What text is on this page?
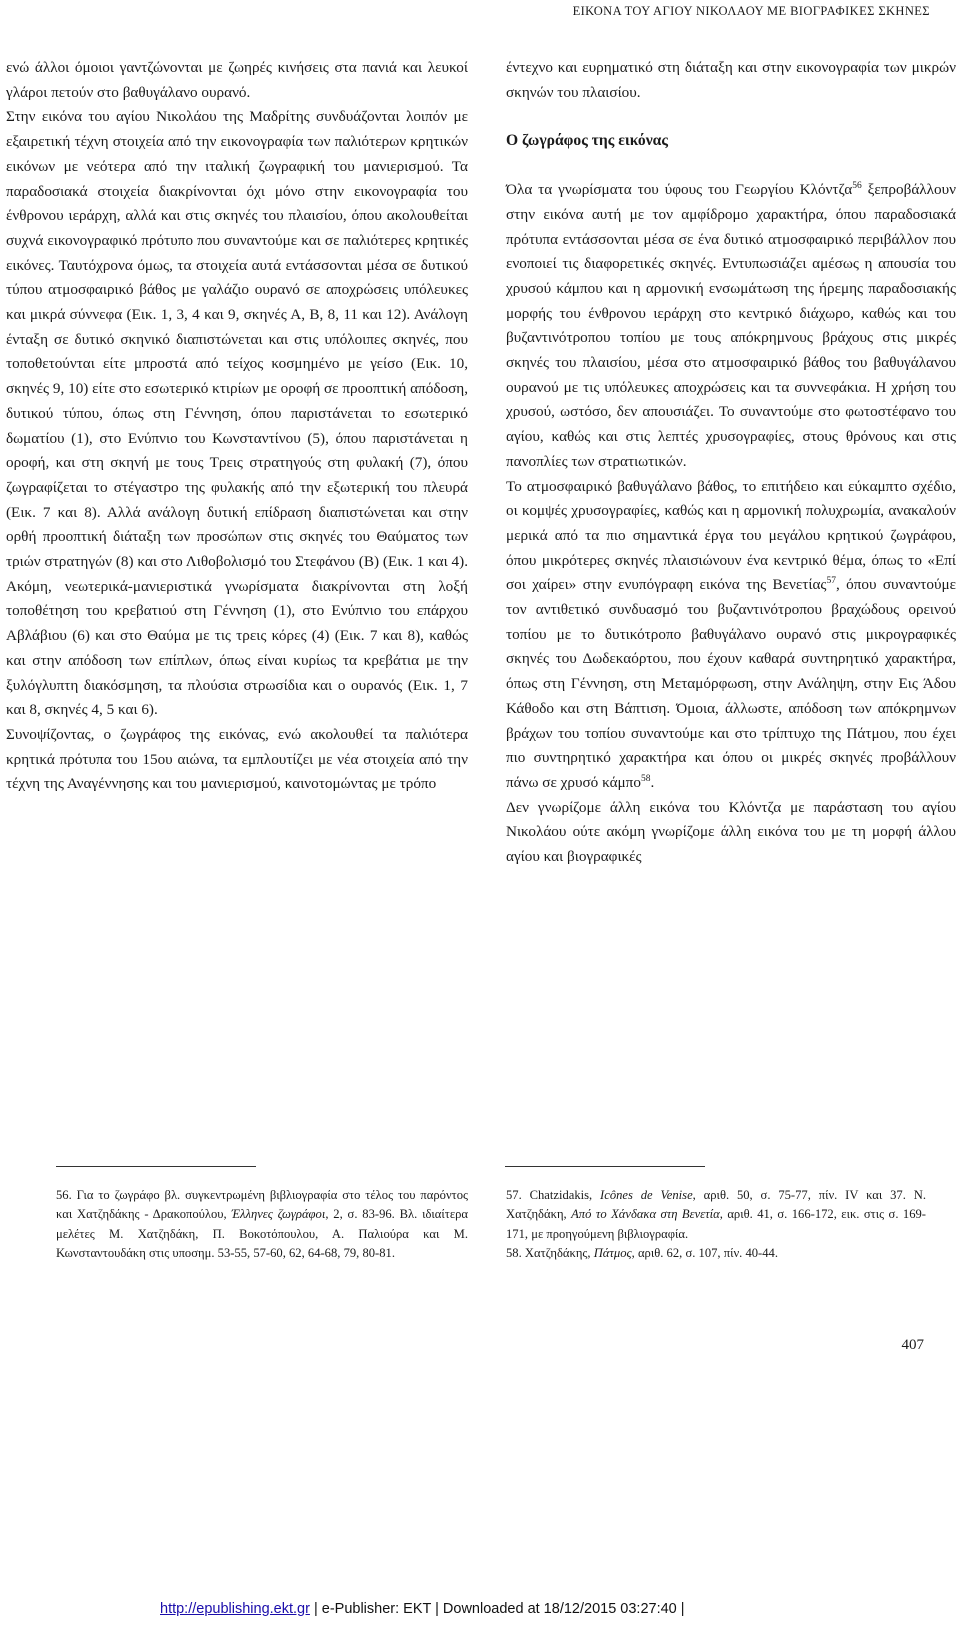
ΕΙΚΟΝΑ ΤΟΥ ΑΓΙΟΥ ΝΙΚΟΛΑΟΥ ΜΕ ΒΙΟΓΡΑΦΙΚΕΣ ΣΚΗΝΕΣ

ενώ άλλοι όμοιοι γαντζώνονται με ζωηρές κινήσεις στα πανιά και λευκοί γλάροι πετούν στο βαθυγάλανο ουρανό.

Στην εικόνα του αγίου Νικολάου της Μαδρίτης συνδυάζονται λοιπόν με εξαιρετική τέχνη στοιχεία από την εικονογραφία των παλιότερων κρητικών εικόνων με νεότερα από την ιταλική ζωγραφική του μανιερισμού. Τα παραδοσιακά στοιχεία διακρίνονται όχι μόνο στην εικονογραφία του ένθρονου ιεράρχη, αλλά και στις σκηνές του πλαισίου, όπου ακολουθείται συχνά εικονογραφικό πρότυπο που συναντούμε και σε παλιότερες κρητικές εικόνες. Ταυτόχρονα όμως, τα στοιχεία αυτά εντάσσονται μέσα σε δυτικού τύπου ατμοσφαιρικό βάθος με γαλάζιο ουρανό σε αποχρώσεις υπόλευκες και μικρά σύννεφα (Εικ. 1, 3, 4 και 9, σκηνές Α, Β, 8, 11 και 12). Ανάλογη ένταξη σε δυτικό σκηνικό διαπιστώνεται και στις υπόλοιπες σκηνές, που τοποθετούνται είτε μπροστά από τείχος κοσμημένο με γείσο (Εικ. 10, σκηνές 9, 10) είτε στο εσωτερικό κτιρίων με οροφή σε προοπτική απόδοση, δυτικού τύπου, όπως στη Γέννηση, όπου παριστάνεται το εσωτερικό δωματίου (1), στο Ενύπνιο του Κωνσταντίνου (5), όπου παριστάνεται η οροφή, και στη σκηνή με τους Τρεις στρατηγούς στη φυλακή (7), όπου ζωγραφίζεται το στέγαστρο της φυλακής από την εξωτερική του πλευρά (Εικ. 7 και 8). Αλλά ανάλογη δυτική επίδραση διαπιστώνεται και στην ορθή προοπτική διάταξη των προσώπων στις σκηνές του Θαύματος των τριών στρατηγών (8) και στο Λιθοβολισμό του Στεφάνου (Β) (Εικ. 1 και 4). Ακόμη, νεωτερικά-μανιεριστικά γνωρίσματα διακρίνονται στη λοξή τοποθέτηση του κρεβατιού στη Γέννηση (1), στο Ενύπνιο του επάρχου Αβλάβιου (6) και στο Θαύμα με τις τρεις κόρες (4) (Εικ. 7 και 8), καθώς και στην απόδοση των επίπλων, όπως είναι κυρίως τα κρεβάτια με την ξυλόγλυπτη διακόσμηση, τα πλούσια στρωσίδια και ο ουρανός (Εικ. 1, 7 και 8, σκηνές 4, 5 και 6).

Συνοψίζοντας, ο ζωγράφος της εικόνας, ενώ ακολουθεί τα παλιότερα κρητικά πρότυπα του 15ου αιώνα, τα εμπλουτίζει με νέα στοιχεία από την τέχνη της Αναγέννησης και του μανιερισμού, καινοτομώντας με τρόπο

έντεχνο και ευρηματικό στη διάταξη και στην εικονογραφία των μικρών σκηνών του πλαισίου.

Ο ζωγράφος της εικόνας

Όλα τα γνωρίσματα του ύφους του Γεωργίου Κλόντζα$^{56}$ ξεπροβάλλουν στην εικόνα αυτή με τον αμφίδρομο χαρακτήρα, όπου παραδοσιακά πρότυπα εντάσσονται μέσα σε ένα δυτικό ατμοσφαιρικό περιβάλλον που ενοποιεί τις διαφορετικές σκηνές. Εντυπωσιάζει αμέσως η απουσία του χρυσού κάμπου και η αρμονική ενσωμάτωση της ήρεμης παραδοσιακής μορφής του ένθρονου ιεράρχη στο κεντρικό διάχωρο, καθώς και του βυζαντινότροπου τοπίου με τους απόκρημνους βράχους στις μικρές σκηνές του πλαισίου, μέσα στο ατμοσφαιρικό βάθος του βαθυγάλανου ουρανού με τις υπόλευκες αποχρώσεις και τα συννεφάκια. Η χρήση του χρυσού, ωστόσο, δεν απουσιάζει. Το συναντούμε στο φωτοστέφανο του αγίου, καθώς και στις λεπτές χρυσογραφίες, στους θρόνους και στις πανοπλίες των στρατιωτικών.

Το ατμοσφαιρικό βαθυγάλανο βάθος, το επιτήδειο και εύκαμπτο σχέδιο, οι κομψές χρυσογραφίες, καθώς και η αρμονική πολυχρωμία, ανακαλούν μερικά από τα πιο σημαντικά έργα του μεγάλου κρητικού ζωγράφου, όπου μικρότερες σκηνές πλαισιώνουν ένα κεντρικό θέμα, όπως το «Επί σοι χαίρει» στην ενυπόγραφη εικόνα της Βενετίας$^{57}$, όπου συναντούμε τον αντιθετικό συνδυασμό του βυζαντινότροπου βραχώδους ορεινού τοπίου με το δυτικότροπο βαθυγάλανο ουρανό στις μικρογραφικές σκηνές του Δωδεκαόρτου, που έχουν καθαρά συντηρητικό χαρακτήρα, όπως στη Γέννηση, στη Μεταμόρφωση, στην Ανάληψη, στην Εις Άδου Κάθοδο και στη Βάπτιση. Όμοια, άλλωστε, απόδοση των απόκρημνων βράχων του τοπίου συναντούμε και στο τρίπτυχο της Πάτμου, που έχει πιο συντηρητικό χαρακτήρα και όπου οι μικρές σκηνές προβάλλουν πάνω σε χρυσό κάμπο$^{58}$.

Δεν γνωρίζομε άλλη εικόνα του Κλόντζα με παράσταση του αγίου Νικολάου ούτε ακόμη γνωρίζομε άλλη εικόνα του με τη μορφή άλλου αγίου και βιογραφικές

56. Για το ζωγράφο βλ. συγκεντρωμένη βιβλιογραφία στο τέλος του παρόντος και Χατζηδάκης - Δρακοπούλου, Έλληνες ζωγράφοι, 2, σ. 83-96. Βλ. ιδιαίτερα μελέτες Μ. Χατζηδάκη, Π. Βοκοτόπουλου, Α. Παλιούρα και Μ. Κωνσταντουδάκη στις υποσημ. 53-55, 57-60, 62, 64-68, 79, 80-81.

57. Chatzidakis, Icônes de Venise, αριθ. 50, σ. 75-77, πίν. IV και 37. Ν. Χατζηδάκη, Από το Χάνδακα στη Βενετία, αριθ. 41, σ. 166-172, εικ. στις σ. 169-171, με προηγούμενη βιβλιογραφία.

58. Χατζηδάκης, Πάτμος, αριθ. 62, σ. 107, πίν. 40-44.

407
http://epublishing.ekt.gr | e-Publisher: EKT | Downloaded at 18/12/2015 03:27:40 |
